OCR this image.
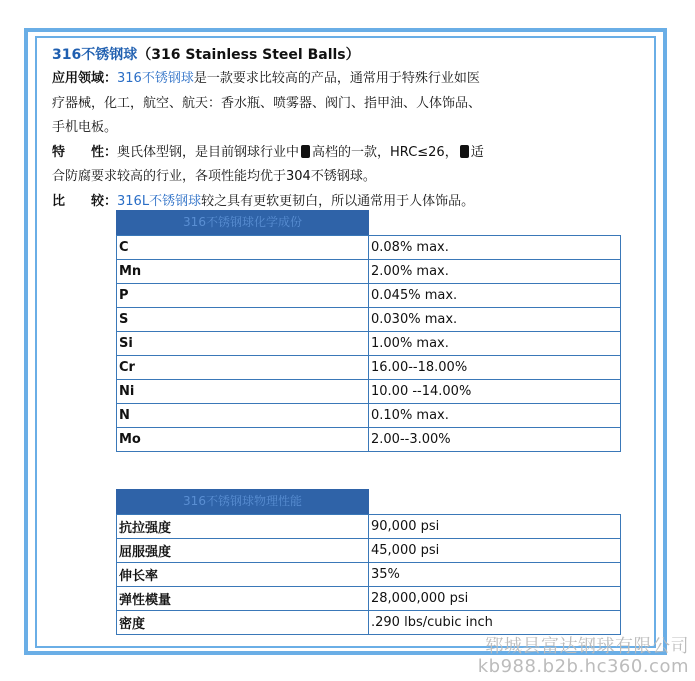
316不锈钢球（316 Stainless Steel Balls）
应用领域：316不锈钢球是一款要求比较高的产品，通常用于特殊行业如医
疗器械，化工，航空、航天：香水瓶、喷雾器、阀门、指甲油、人体饰品、
手机电板。
特　　性：奥氏体型钢，是目前钢球行业中 高档的一款，HRC≤26， 适
合防腐要求较高的行业，各项性能均优于304不锈钢球。
比　　较：316L不锈钢球较之具有更软更韧白，所以通常用于人体饰品。
316不锈钢球化学成份
C	0.08% max.
Mn	2.00% max.
P	0.045% max.
S	0.030% max.
Si	1.00% max.
Cr	16.00--18.00%
Ni	10.00 --14.00%
N	0.10% max.
Mo	2.00--3.00%
316不锈钢球物理性能
抗拉强度	90,000 psi
屈服强度	45,000 psi
伸长率	35%
弹性模量	28,000,000 psi
密度	.290 lbs/cubic inch
郓城县富达钢球有限公司
kb988.b2b.hc360.com
